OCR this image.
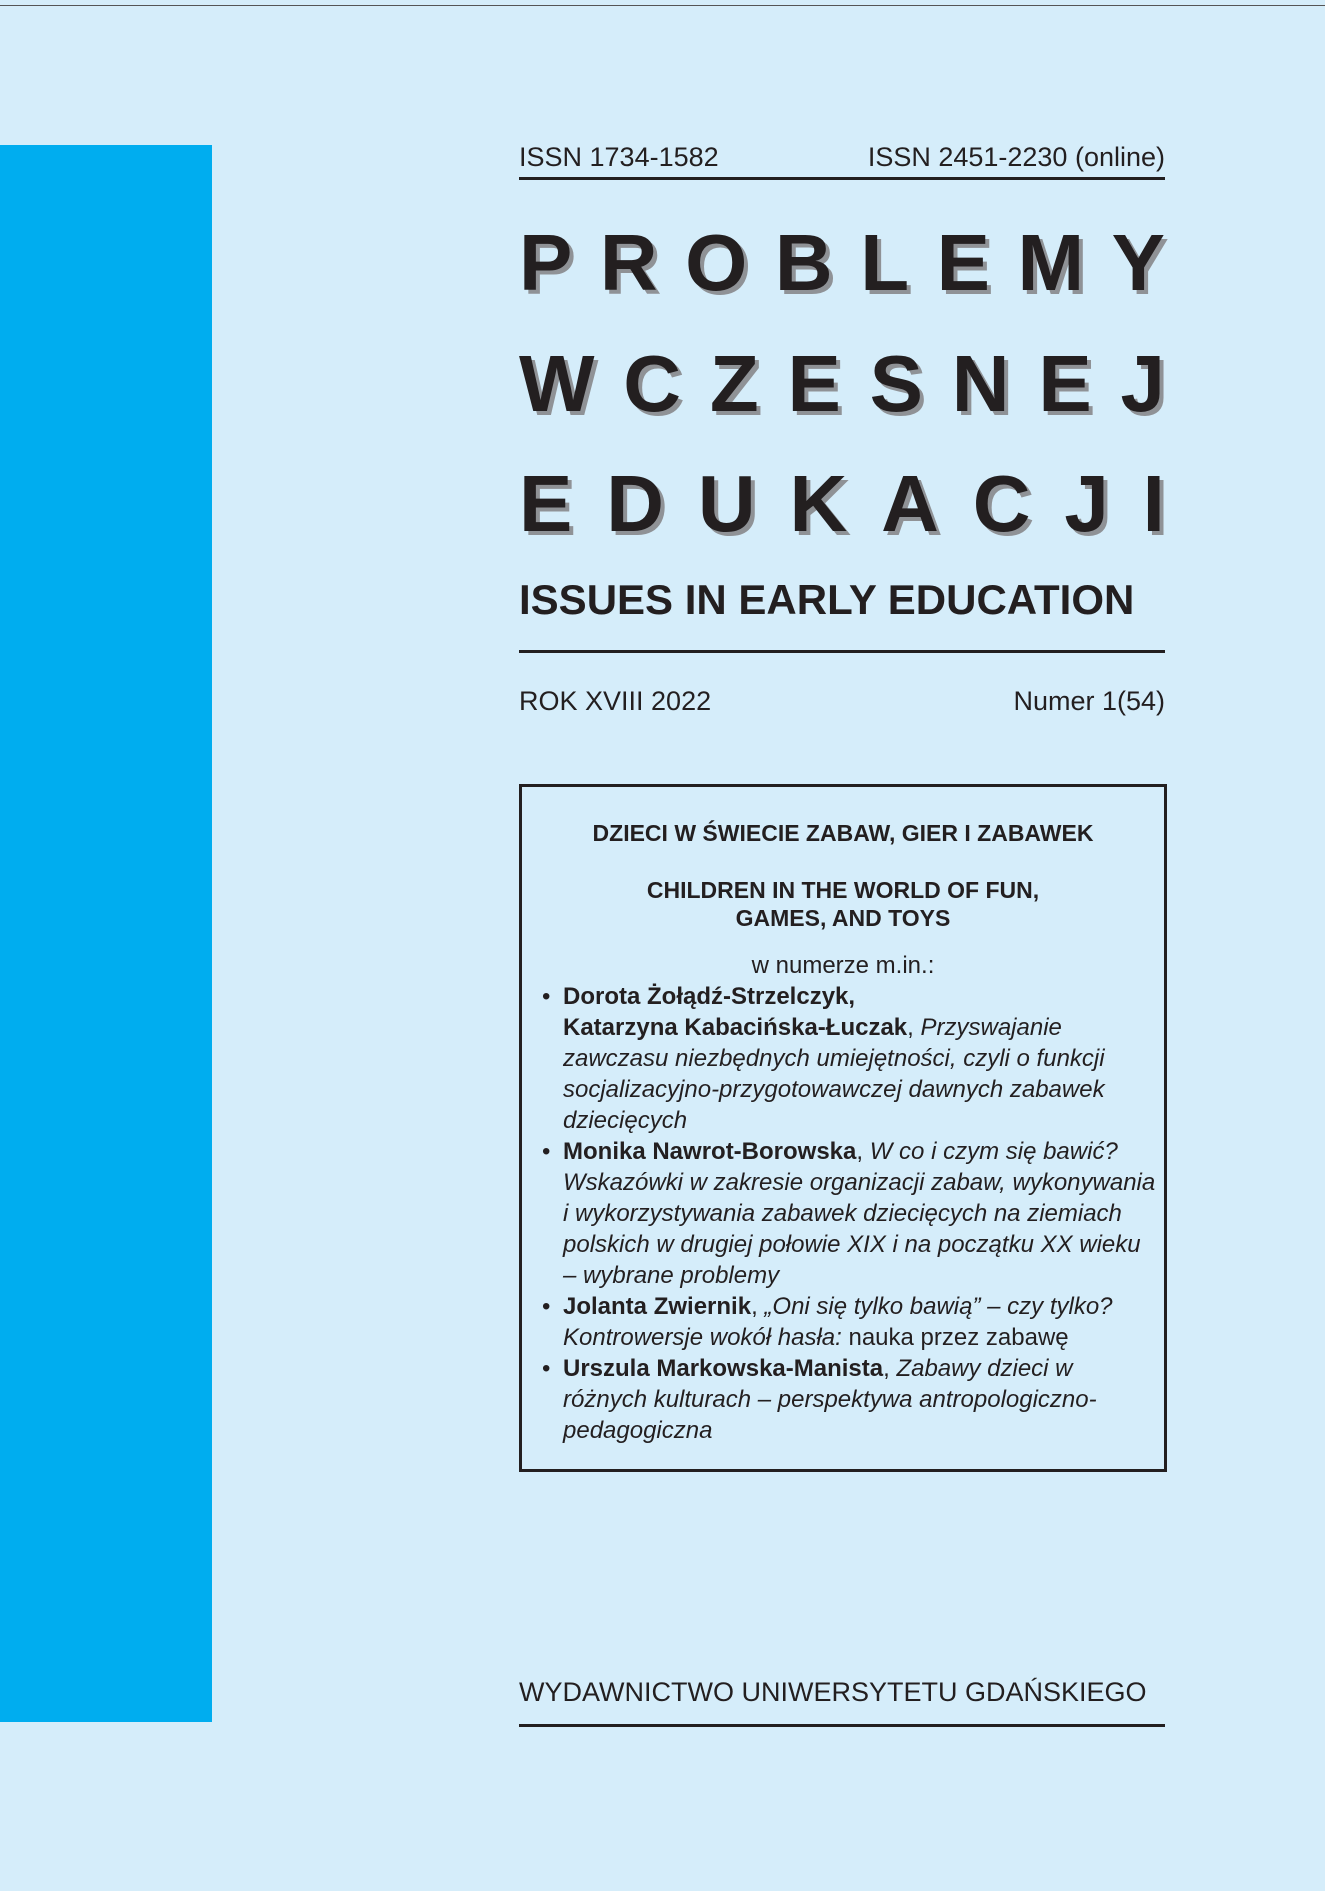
ISSN 1734-1582	ISSN 2451-2230 (online)
P R O B L E M Y
W C Z E S N E J
E D U K A C J I
ISSUES IN EARLY EDUCATION
ROK XVIII 2022	Numer 1(54)
DZIECI W ŚWIECIE ZABAW, GIER I ZABAWEK
CHILDREN IN THE WORLD OF FUN,
GAMES, AND TOYS
w numerze m.in.:
• Dorota Żołądź-Strzelczyk,
Katarzyna Kabacińska-Łuczak, Przyswajanie zawczasu niezbędnych umiejętności, czyli o funkcji socjalizacyjno-przygotowawczej dawnych zabawek dziecięcych
• Monika Nawrot-Borowska, W co i czym się bawić? Wskazówki w zakresie organizacji zabaw, wykonywania i wykorzystywania zabawek dziecięcych na ziemiach polskich w drugiej połowie XIX i na początku XX wieku – wybrane problemy
• Jolanta Zwiernik, „Oni się tylko bawią” – czy tylko? Kontrowersje wokół hasła: nauka przez zabawę
• Urszula Markowska-Manista, Zabawy dzieci w różnych kulturach – perspektywa antropologiczno-pedagogiczna
WYDAWNICTWO UNIWERSYTETU GDAŃSKIEGO
